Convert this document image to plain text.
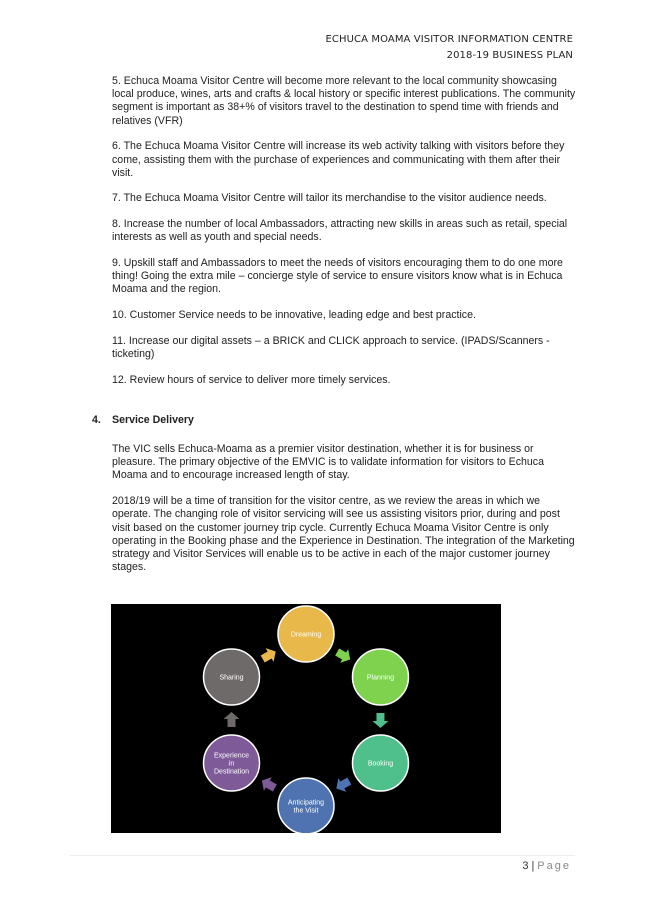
ECHUCA MOAMA VISITOR INFORMATION CENTRE
2018-19 BUSINESS PLAN

5. Echuca Moama Visitor Centre will become more relevant to the local community showcasing local produce, wines, arts and crafts & local history or specific interest publications. The community segment is important as 38+% of visitors travel to the destination to spend time with friends and relatives (VFR)

6. The Echuca Moama Visitor Centre will increase its web activity talking with visitors before they come, assisting them with the purchase of experiences and communicating with them after their visit.

7. The Echuca Moama Visitor Centre will tailor its merchandise to the visitor audience needs.

8. Increase the number of local Ambassadors, attracting new skills in areas such as retail, special interests as well as youth and special needs.

9. Upskill staff and Ambassadors to meet the needs of visitors encouraging them to do one more thing! Going the extra mile – concierge style of service to ensure visitors know what is in Echuca Moama and the region.

10. Customer Service needs to be innovative, leading edge and best practice.

11. Increase our digital assets – a BRICK and CLICK approach to service. (IPADS/Scanners - ticketing)

12. Review hours of service to deliver more timely services.

4. Service Delivery

The VIC sells Echuca-Moama as a premier visitor destination, whether it is for business or pleasure. The primary objective of the EMVIC is to validate information for visitors to Echuca Moama and to encourage increased length of stay.

2018/19 will be a time of transition for the visitor centre, as we review the areas in which we operate. The changing role of visitor servicing will see us assisting visitors prior, during and post visit based on the customer journey trip cycle. Currently Echuca Moama Visitor Centre is only operating in the Booking phase and the Experience in Destination. The integration of the Marketing strategy and Visitor Services will enable us to be active in each of the major customer journey stages.

Dreaming
Planning
Booking
Anticipating
the Visit
Experience
in
Destination
Sharing
3 | Page
